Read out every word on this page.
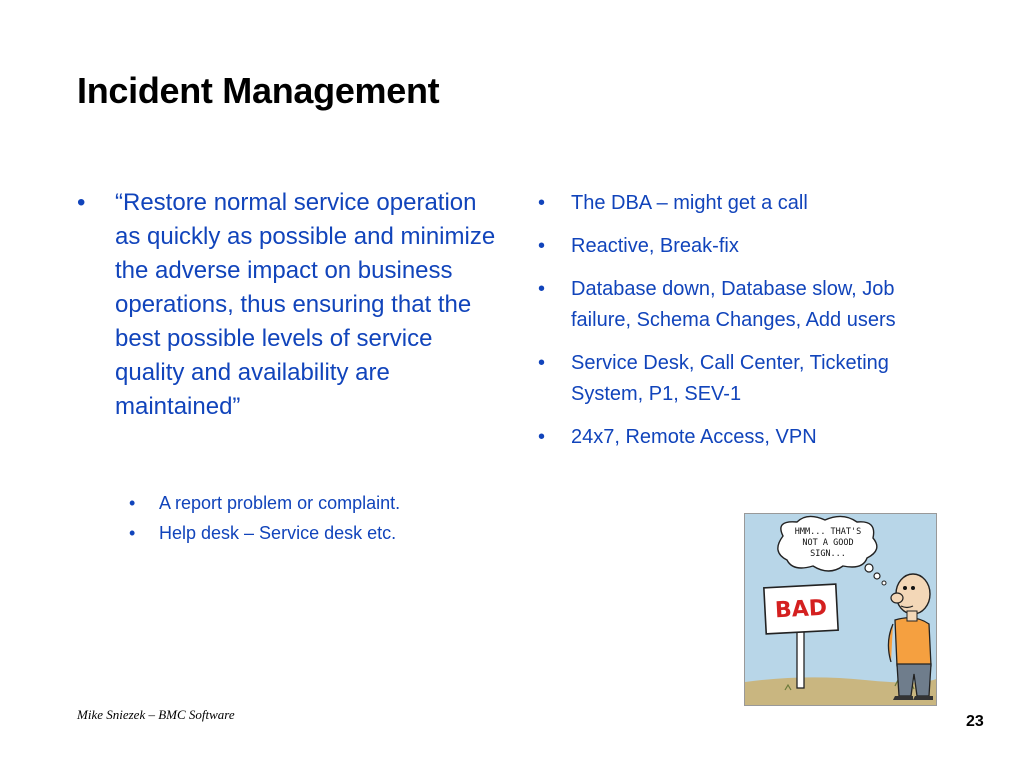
Incident Management
• “Restore normal service operation as quickly as possible and minimize the adverse impact on business operations, thus ensuring that the best possible levels of service quality and availability are maintained”
• A report problem or complaint.
• Help desk – Service desk etc.
• The DBA – might get a call
• Reactive, Break-fix
• Database down, Database slow, Job failure, Schema Changes, Add users
• Service Desk, Call Center, Ticketing System, P1, SEV-1
• 24x7, Remote Access, VPN
HMM... THAT'S
NOT A GOOD
SIGN...
BAD
Mike Sniezek – BMC Software	23
